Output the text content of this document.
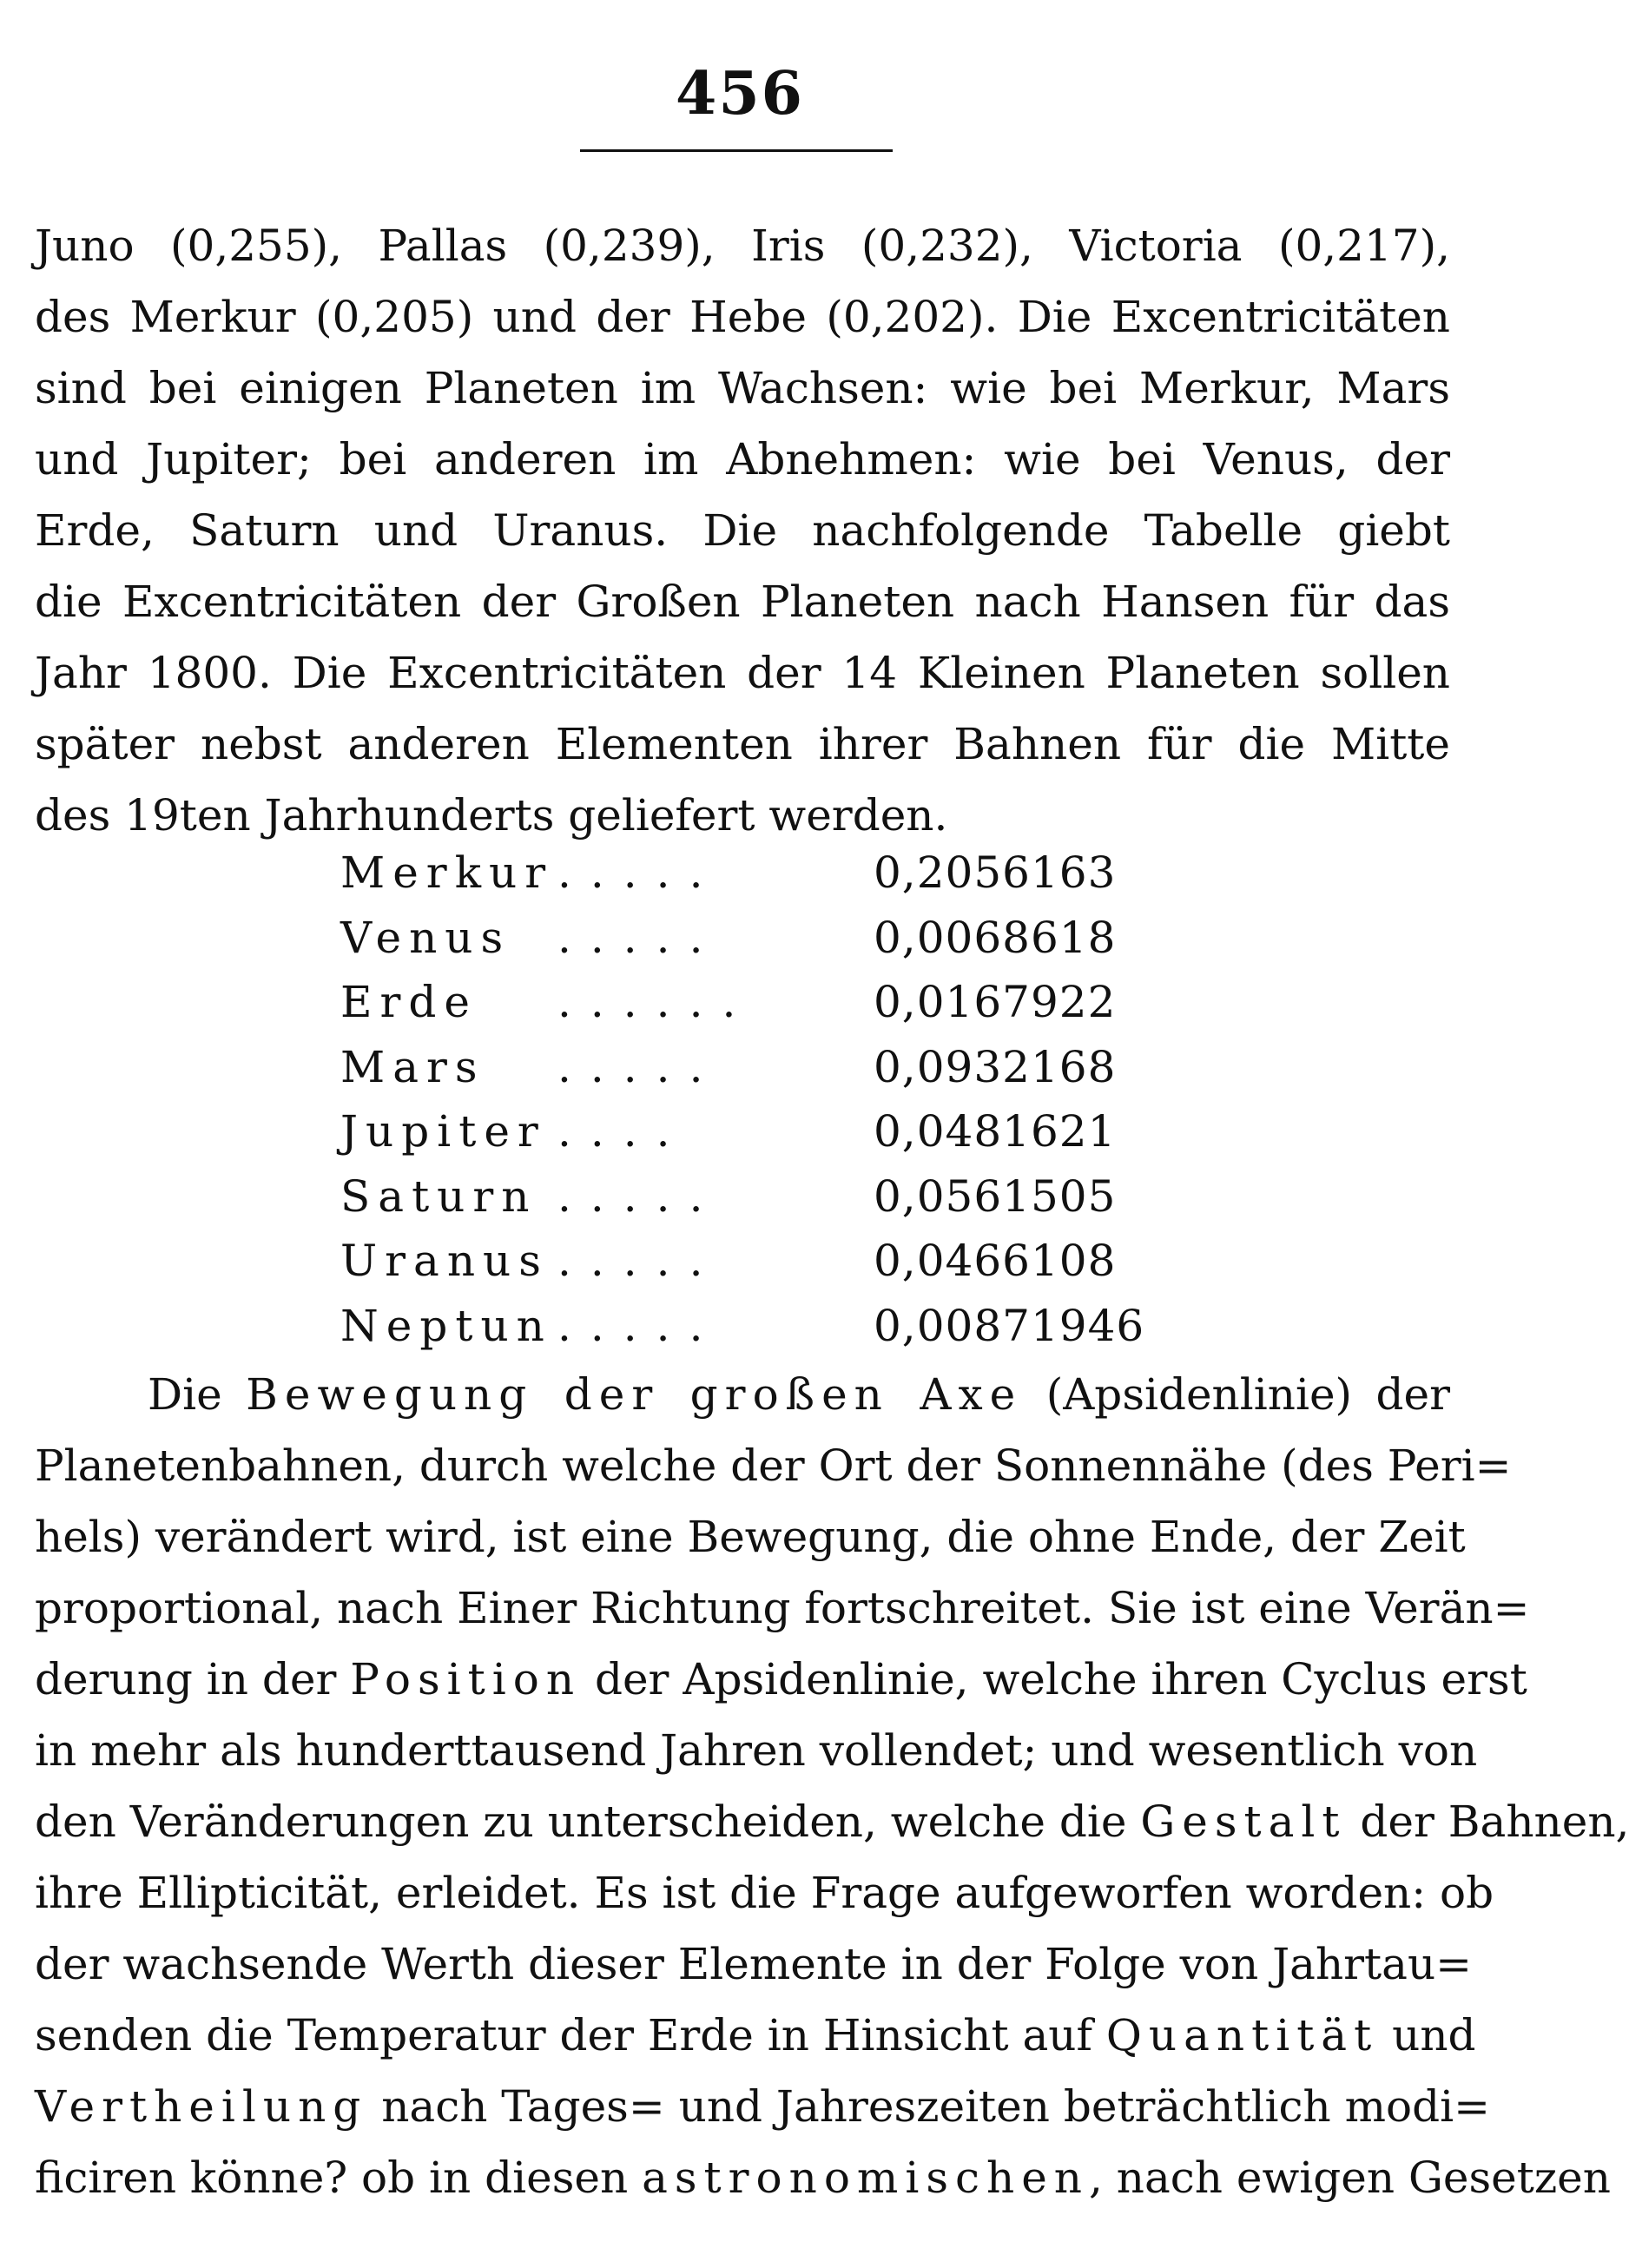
456
Juno (0,255), Pallas (0,239), Iris (0,232), Victoria (0,217),
des Merkur (0,205) und der Hebe (0,202). Die Excentricitäten
sind bei einigen Planeten im Wachsen: wie bei Merkur, Mars
und Jupiter; bei anderen im Abnehmen: wie bei Venus, der
Erde, Saturn und Uranus. Die nachfolgende Tabelle giebt
die Excentricitäten der Großen Planeten nach Hansen für das
Jahr 1800. Die Excentricitäten der 14 Kleinen Planeten sollen
später nebst anderen Elementen ihrer Bahnen für die Mitte
des 19ten Jahrhunderts geliefert werden.
Merkur .....	0,2056163
Venus	.....	0,0068618
Erde	......	0,0167922
Mars	.....	0,0932168
Jupiter ....	0,0481621
Saturn .....	0,0561505
Uranus .....	0,0466108
Neptun .....	0,00871946
Die Bewegung der großen Axe (Apsidenlinie) der
Planetenbahnen, durch welche der Ort der Sonnennähe (des Peri=
hels) verändert wird, ist eine Bewegung, die ohne Ende, der Zeit
proportional, nach Einer Richtung fortschreitet. Sie ist eine Verän=
derung in der Position der Apsidenlinie, welche ihren Cyclus erst
in mehr als hunderttausend Jahren vollendet; und wesentlich von
den Veränderungen zu unterscheiden, welche die Gestalt der Bahnen,
ihre Ellipticität, erleidet. Es ist die Frage aufgeworfen worden: ob
der wachsende Werth dieser Elemente in der Folge von Jahrtau=
senden die Temperatur der Erde in Hinsicht auf Quantität und
Vertheilung nach Tages= und Jahreszeiten beträchtlich modi=
ficiren könne? ob in diesen astronomischen, nach ewigen Gesetzen
